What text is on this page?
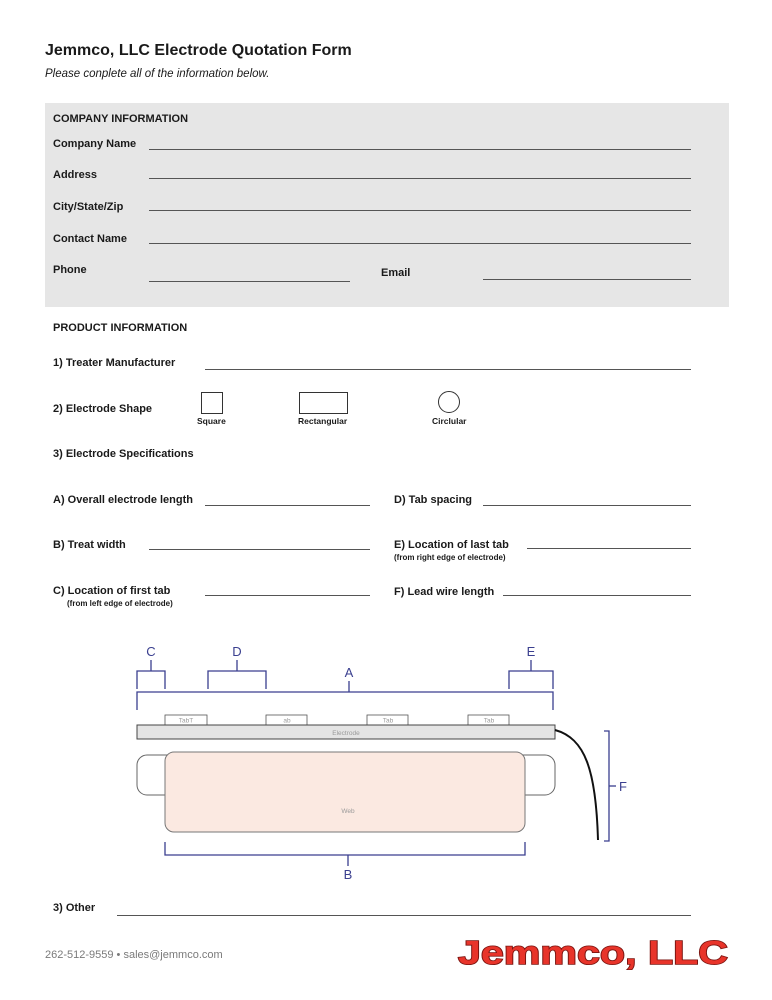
Jemmco, LLC Electrode Quotation Form
Please conplete all of the information below.
COMPANY INFORMATION
Company Name
Address
City/State/Zip
Contact Name
Phone	Email
PRODUCT INFORMATION
1) Treater Manufacturer
2) Electrode Shape
Square	Rectangular	Circlular
3) Electrode Specifications
A) Overall electrode length	D) Tab spacing
B) Treat width	E) Location of last tab
(from right edge of electrode)
C) Location of first tab
(from left edge of electrode)
F) Lead wire length
C	D	E
A
B
F
TabT	ab	Tab	Tab
Electrode
Web
3) Other
262-512-9559 • sales@jemmco.com	Jemmco, LLC
